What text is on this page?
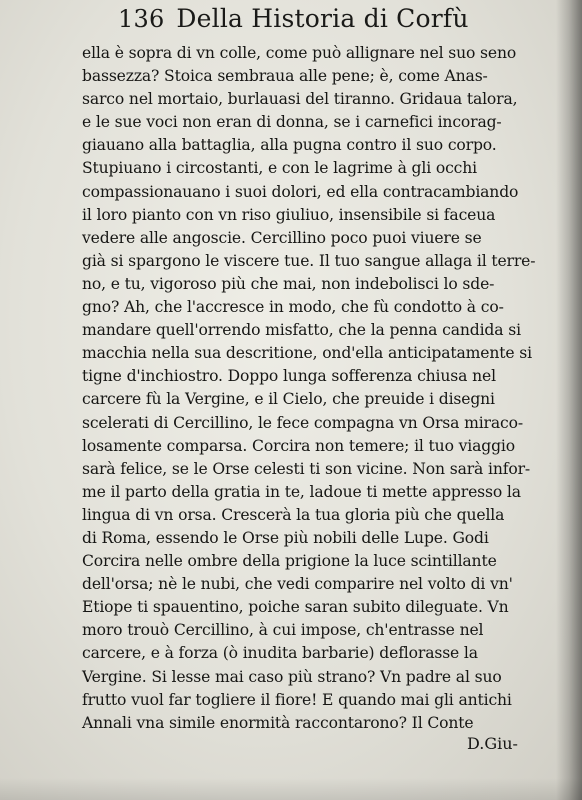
136 Della Historia di Corfù
ella è sopra di vn colle, come può allignare nel suo seno
bassezza? Stoica sembraua alle pene; è, come Anas-
sarco nel mortaio, burlauasi del tiranno. Gridaua talora,
e le sue voci non eran di donna, se i carnefici incorag-
giauano alla battaglia, alla pugna contro il suo corpo.
Stupiuano i circostanti, e con le lagrime à gli occhi
compassionauano i suoi dolori, ed ella contracambiando
il loro pianto con vn riso giuliuo, insensibile si faceua
vedere alle angoscie. Cercillino poco puoi viuere se
già si spargono le viscere tue. Il tuo sangue allaga il terre-
no, e tu, vigoroso più che mai, non indebolisci lo sde-
gno? Ah, che l'accresce in modo, che fù condotto à co-
mandare quell'orrendo misfatto, che la penna candida si
macchia nella sua descritione, ond'ella anticipatamente si
tigne d'inchiostro. Doppo lunga sofferenza chiusa nel
carcere fù la Vergine, e il Cielo, che preuide i disegni
scelerati di Cercillino, le fece compagna vn Orsa miraco-
losamente comparsa. Corcira non temere; il tuo viaggio
sarà felice, se le Orse celesti ti son vicine. Non sarà infor-
me il parto della gratia in te, ladoue ti mette appresso la
lingua di vn orsa. Crescerà la tua gloria più che quella
di Roma, essendo le Orse più nobili delle Lupe. Godi
Corcira nelle ombre della prigione la luce scintillante
dell'orsa; nè le nubi, che vedi comparire nel volto di vn'
Etiope ti spauentino, poiche saran subito dileguate. Vn
moro trouò Cercillino, à cui impose, ch'entrasse nel
carcere, e à forza (ò inudita barbarie) deflorasse la
Vergine. Si lesse mai caso più strano? Vn padre al suo
frutto vuol far togliere il fiore! E quando mai gli antichi
Annali vna simile enormità raccontarono? Il Conte
D.Giu-
